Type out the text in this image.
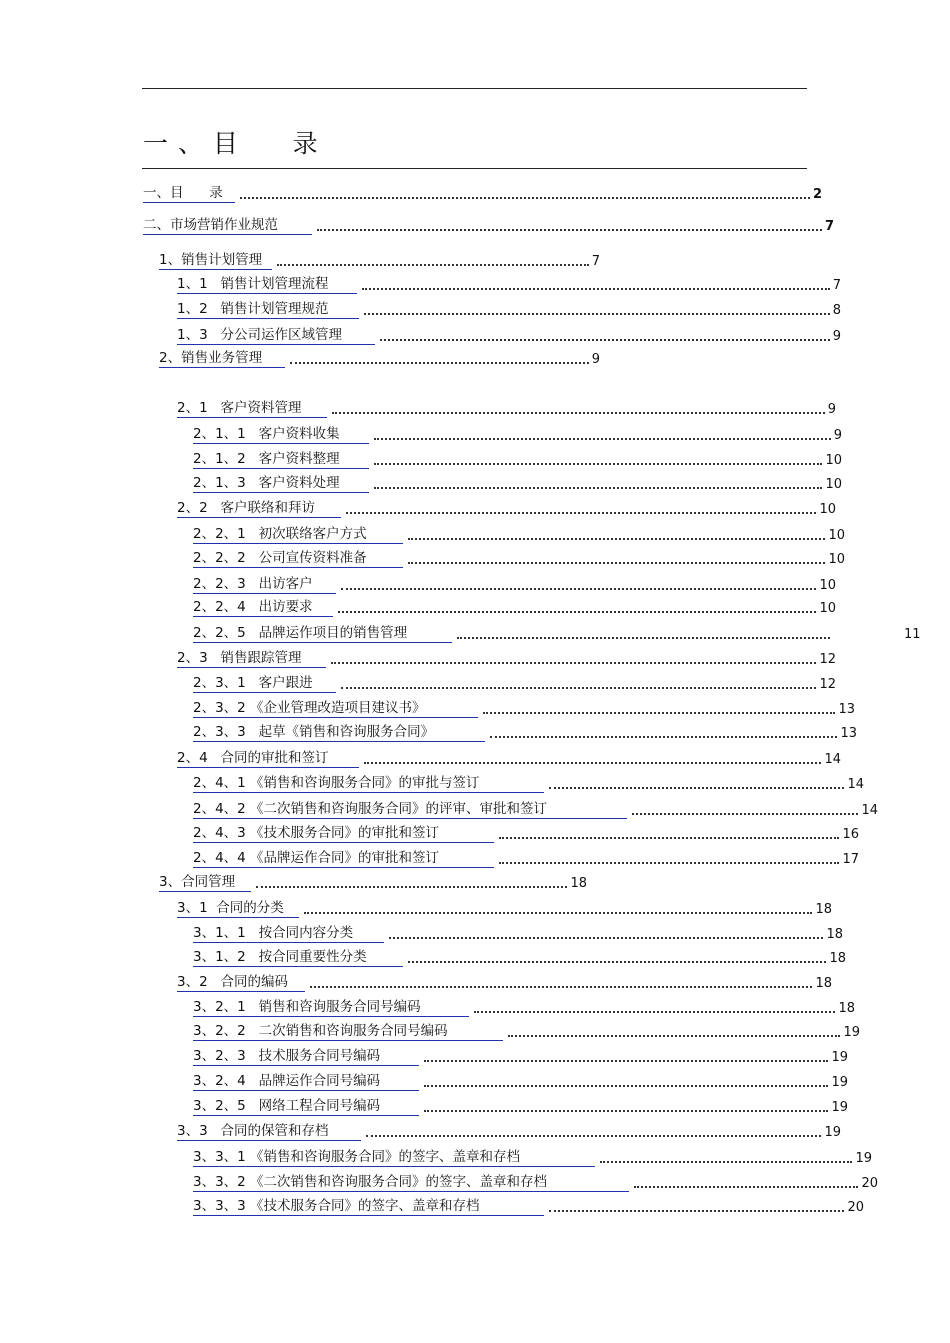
一 、 目      录
一、目      录	2
二、市场营销作业规范	7
1、销售计划管理	7
1、1   销售计划管理流程	7
1、2   销售计划管理规范	8
1、3   分公司运作区域管理	9
2、销售业务管理	9
2、1   客户资料管理	9
2、1、1   客户资料收集	9
2、1、2   客户资料整理	10
2、1、3   客户资料处理	10
2、2   客户联络和拜访	10
2、2、1   初次联络客户方式	10
2、2、2   公司宣传资料准备	10
2、2、3   出访客户	10
2、2、4   出访要求	10
2、2、5   品牌运作项目的销售管理	11
2、3   销售跟踪管理	12
2、3、1   客户跟进	12
2、3、2 《企业管理改造项目建议书》	13
2、3、3   起草《销售和咨询服务合同》	13
2、4   合同的审批和签订	14
2、4、1 《销售和咨询服务合同》的审批与签订	14
2、4、2 《二次销售和咨询服务合同》的评审、审批和签订	14
2、4、3 《技术服务合同》的审批和签订	16
2、4、4 《品牌运作合同》的审批和签订	17
3、合同管理	18
3、1  合同的分类	18
3、1、1   按合同内容分类	18
3、1、2   按合同重要性分类	18
3、2   合同的编码	18
3、2、1   销售和咨询服务合同号编码	18
3、2、2   二次销售和咨询服务合同号编码	19
3、2、3   技术服务合同号编码	19
3、2、4   品牌运作合同号编码	19
3、2、5   网络工程合同号编码	19
3、3   合同的保管和存档	19
3、3、1 《销售和咨询服务合同》的签字、盖章和存档	19
3、3、2 《二次销售和咨询服务合同》的签字、盖章和存档	20
3、3、3 《技术服务合同》的签字、盖章和存档	20
